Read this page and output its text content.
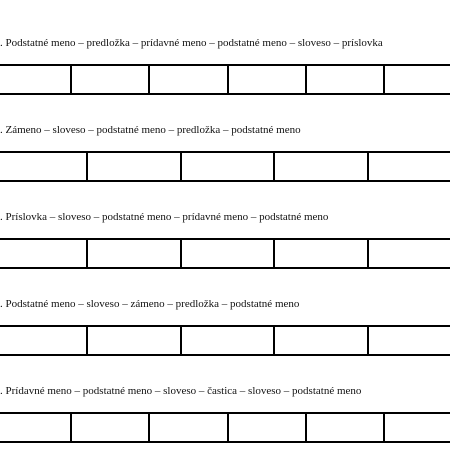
. Podstatné meno – predložka – prídavné meno – podstatné meno – sloveso – príslovka
. Zámeno – sloveso – podstatné meno – predložka – podstatné meno
. Príslovka – sloveso – podstatné meno – prídavné meno – podstatné meno
. Podstatné meno – sloveso – zámeno – predložka – podstatné meno
. Prídavné meno – podstatné meno – sloveso – častica – sloveso – podstatné meno
